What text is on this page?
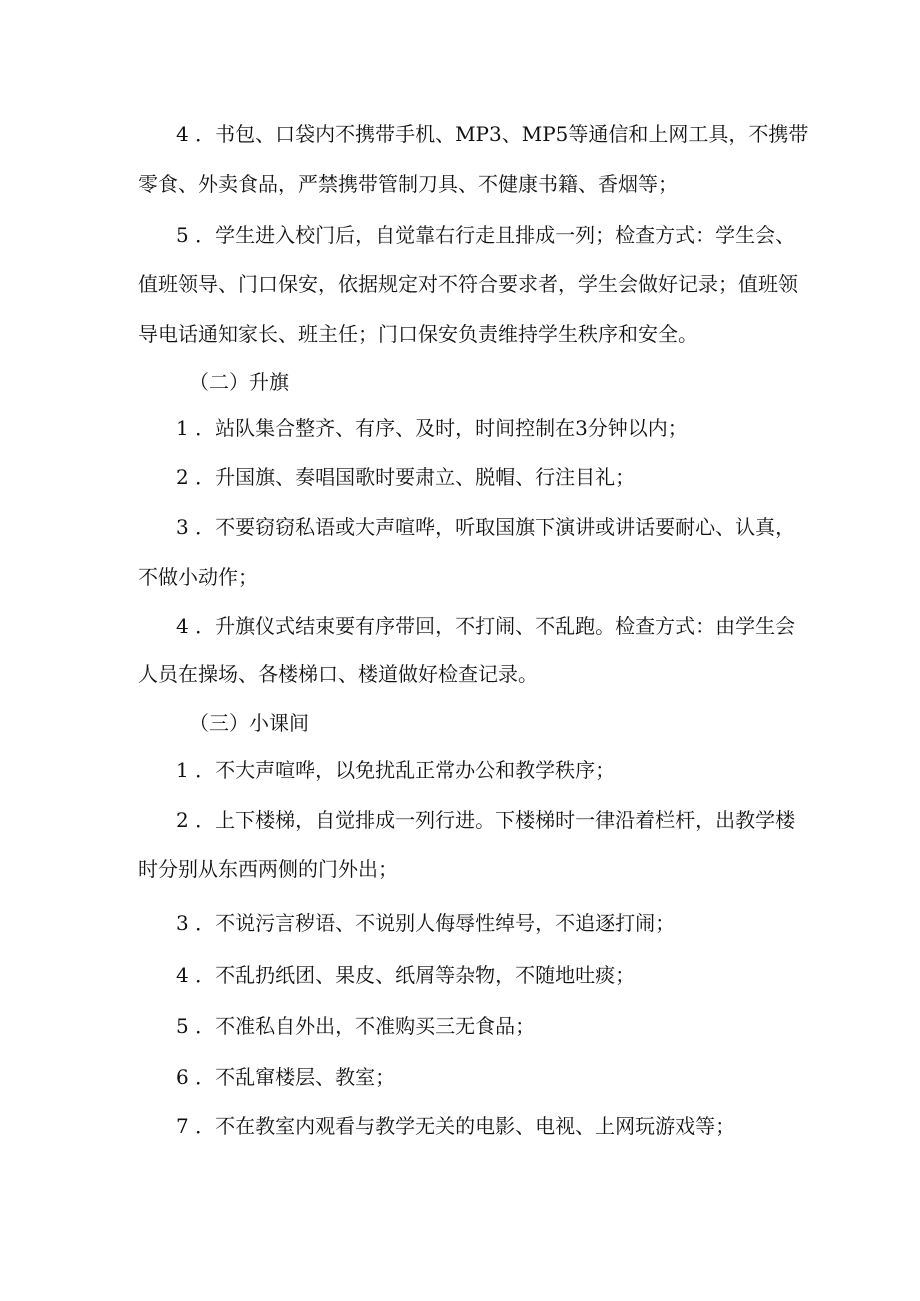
4 ．书包、口袋内不携带手机、MP3、MP5等通信和上网工具，不携带
零食、外卖食品，严禁携带管制刀具、不健康书籍、香烟等；
5 ．学生进入校门后，自觉靠右行走且排成一列；检查方式：学生会、
值班领导、门口保安，依据规定对不符合要求者，学生会做好记录；值班领
导电话通知家长、班主任；门口保安负责维持学生秩序和安全。
（二）升旗
1 ．站队集合整齐、有序、及时，时间控制在3分钟以内；
2 ．升国旗、奏唱国歌时要肃立、脱帽、行注目礼；
3 ．不要窃窃私语或大声喧哗，听取国旗下演讲或讲话要耐心、认真，
不做小动作；
4 ．升旗仪式结束要有序带回，不打闹、不乱跑。检查方式：由学生会
人员在操场、各楼梯口、楼道做好检查记录。
（三）小课间
1 ．不大声喧哗，以免扰乱正常办公和教学秩序；
2 ．上下楼梯，自觉排成一列行进。下楼梯时一律沿着栏杆，出教学楼
时分别从东西两侧的门外出；
3 ．不说污言秽语、不说别人侮辱性绰号，不追逐打闹；
4 ．不乱扔纸团、果皮、纸屑等杂物，不随地吐痰；
5 ．不准私自外出，不准购买三无食品；
6 ．不乱窜楼层、教室；
7 ．不在教室内观看与教学无关的电影、电视、上网玩游戏等；
